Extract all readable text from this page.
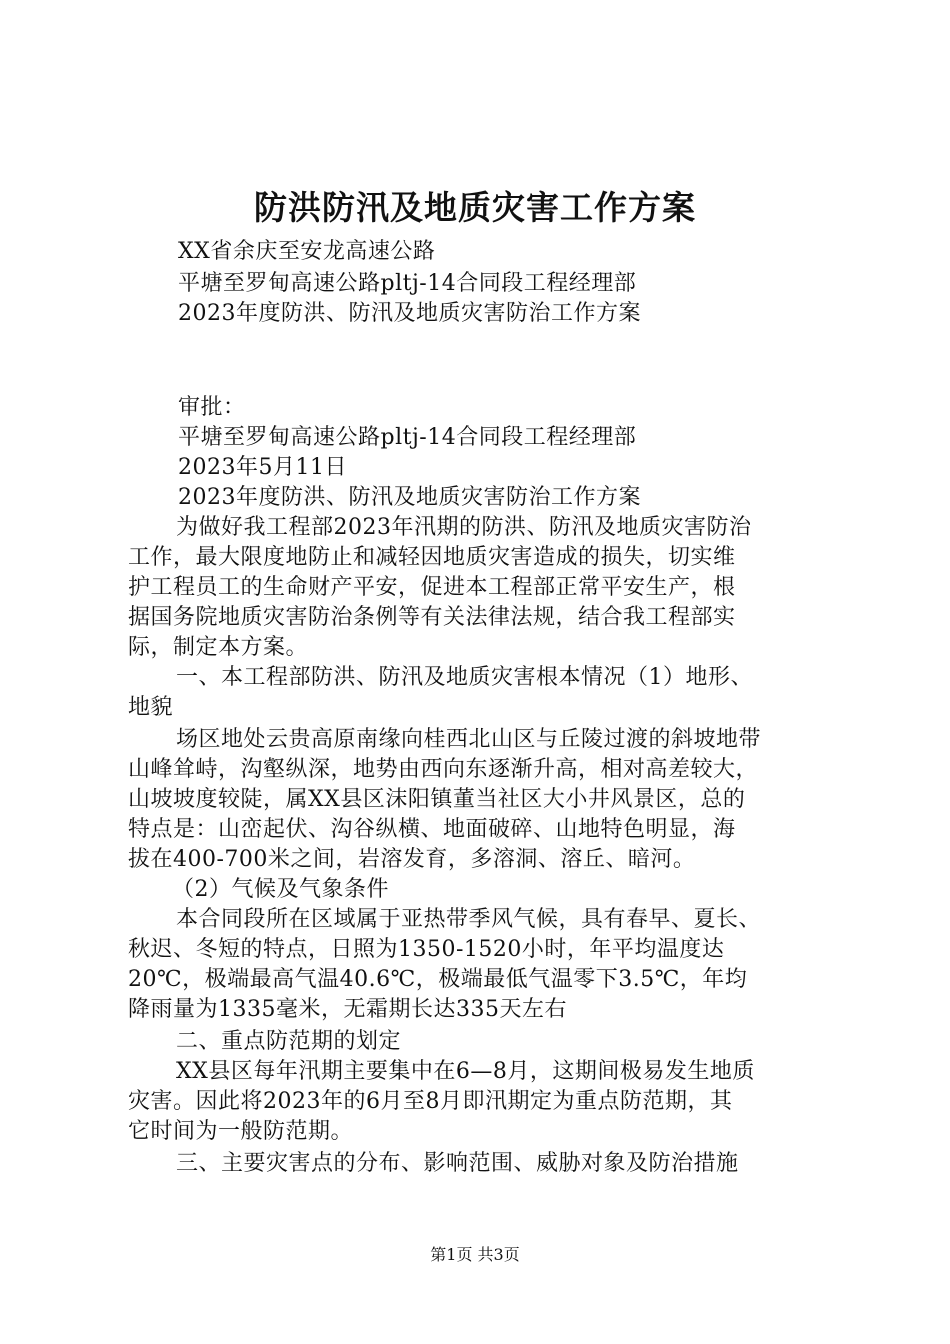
防洪防汛及地质灾害工作方案
XX省余庆至安龙高速公路
平塘至罗甸高速公路pltj-14合同段工程经理部
2023年度防洪、防汛及地质灾害防治工作方案
审批：
平塘至罗甸高速公路pltj-14合同段工程经理部
2023年5月11日
2023年度防洪、防汛及地质灾害防治工作方案
为做好我工程部2023年汛期的防洪、防汛及地质灾害防治
工作，最大限度地防止和减轻因地质灾害造成的损失，切实维
护工程员工的生命财产平安，促进本工程部正常平安生产，根
据国务院地质灾害防治条例等有关法律法规，结合我工程部实
际，制定本方案。
一、本工程部防洪、防汛及地质灾害根本情况（1）地形、
地貌
场区地处云贵高原南缘向桂西北山区与丘陵过渡的斜坡地带
山峰耸峙，沟壑纵深，地势由西向东逐渐升高，相对高差较大，
山坡坡度较陡，属XX县区沫阳镇董当社区大小井风景区，总的
特点是：山峦起伏、沟谷纵横、地面破碎、山地特色明显，海
拔在400-700米之间，岩溶发育，多溶洞、溶丘、暗河。
（2）气候及气象条件
本合同段所在区域属于亚热带季风气候，具有春早、夏长、
秋迟、冬短的特点，日照为1350-1520小时，年平均温度达
20℃，极端最高气温40.6℃，极端最低气温零下3.5℃，年均
降雨量为1335毫米，无霜期长达335天左右
二、重点防范期的划定
XX县区每年汛期主要集中在6—8月，这期间极易发生地质
灾害。因此将2023年的6月至8月即汛期定为重点防范期，其
它时间为一般防范期。
三、主要灾害点的分布、影响范围、威胁对象及防治措施
第1页 共3页
